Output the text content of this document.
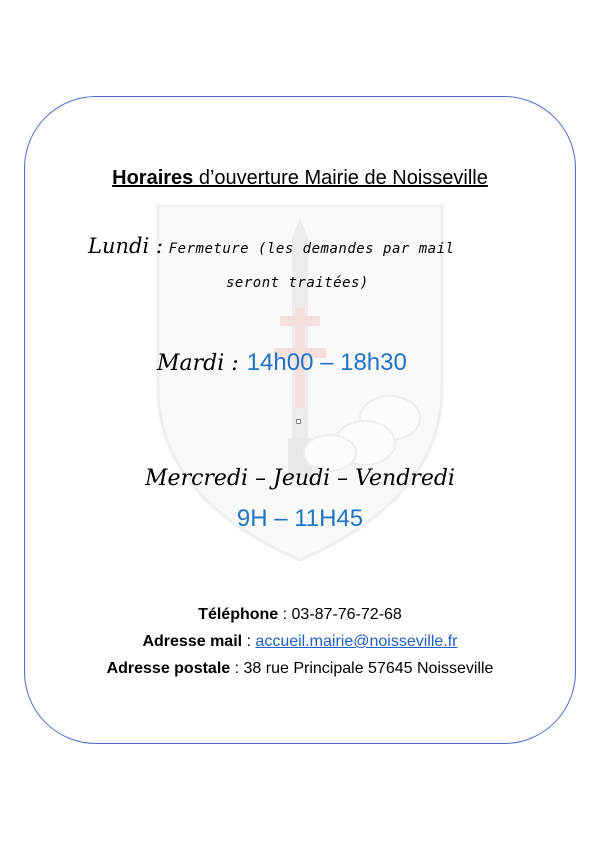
Horaires d’ouverture Mairie de Noisseville
Lundi : Fermeture (les demandes par mail
seront traitées)
Mardi : 14h00 – 18h30
Mercredi – Jeudi – Vendredi
9H – 11H45
Téléphone : 03-87-76-72-68
Adresse mail : accueil.mairie@noisseville.fr
Adresse postale : 38 rue Principale 57645 Noisseville
